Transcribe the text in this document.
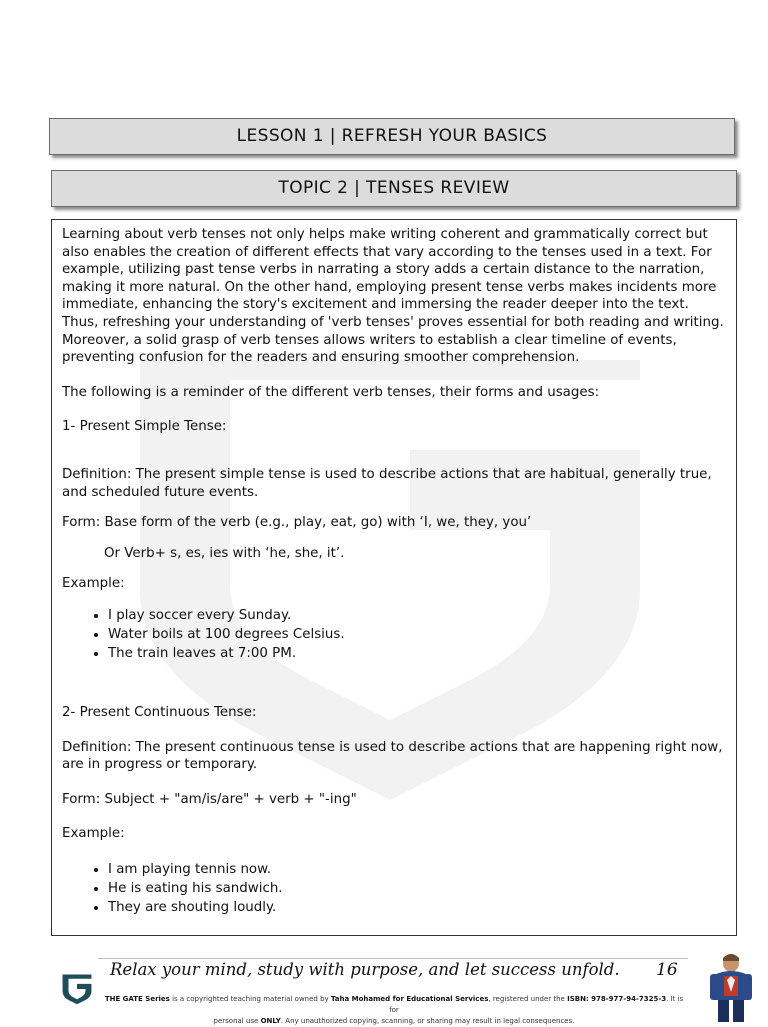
LESSON 1 | REFRESH YOUR BASICS
TOPIC 2 | TENSES REVIEW

Learning about verb tenses not only helps make writing coherent and grammatically correct but also enables the creation of different effects that vary according to the tenses used in a text. For example, utilizing past tense verbs in narrating a story adds a certain distance to the narration, making it more natural. On the other hand, employing present tense verbs makes incidents more immediate, enhancing the story's excitement and immersing the reader deeper into the text. Thus, refreshing your understanding of 'verb tenses' proves essential for both reading and writing. Moreover, a solid grasp of verb tenses allows writers to establish a clear timeline of events, preventing confusion for the readers and ensuring smoother comprehension.

The following is a reminder of the different verb tenses, their forms and usages:

1- Present Simple Tense:

Definition: The present simple tense is used to describe actions that are habitual, generally true, and scheduled future events.

Form: Base form of the verb (e.g., play, eat, go) with ‘I, we, they, you’

Or Verb+ s, es, ies with ‘he, she, it’.

Example:

• I play soccer every Sunday.
• Water boils at 100 degrees Celsius.
• The train leaves at 7:00 PM.

2- Present Continuous Tense:

Definition: The present continuous tense is used to describe actions that are happening right now, are in progress or temporary.

Form: Subject + "am/is/are" + verb + "-ing"

Example:

• I am playing tennis now.
• He is eating his sandwich.
• They are shouting loudly.
Relax your mind, study with purpose, and let success unfold. 16
THE GATE Series is a copyrighted teaching material owned by Taha Mohamed for Educational Services, registered under the ISBN: 978-977-94-7325-3. It is for
personal use ONLY. Any unauthorized copying, scanning, or sharing may result in legal consequences.
